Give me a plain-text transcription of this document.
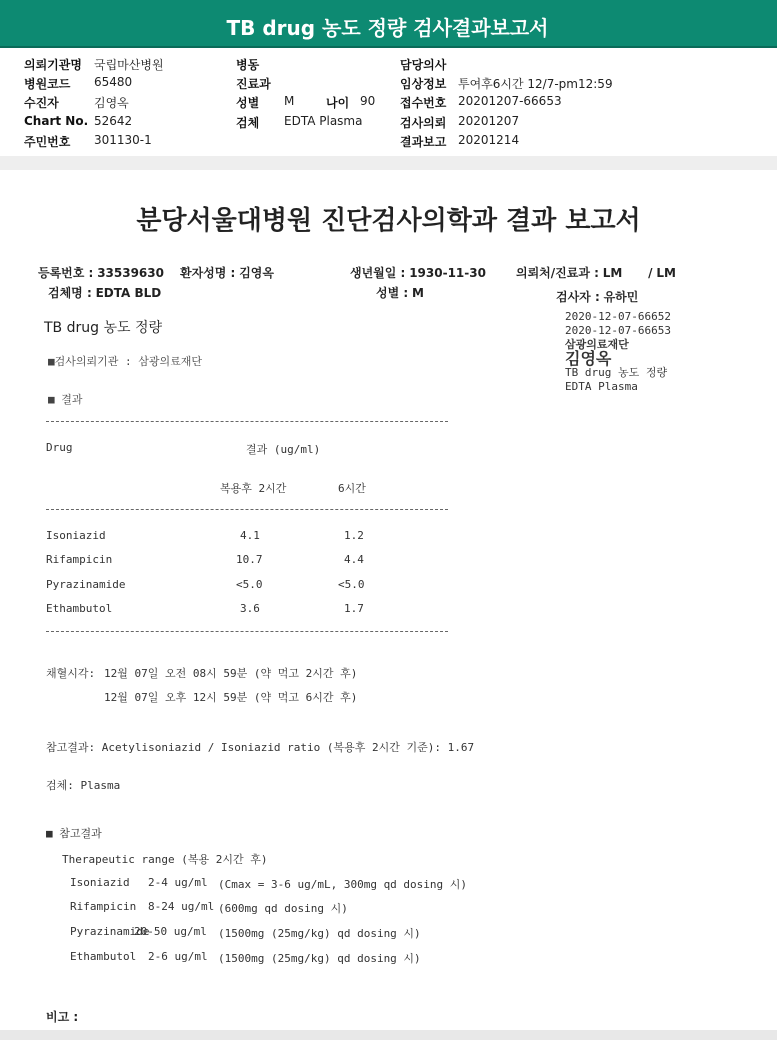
TB drug 농도 정량 검사결과보고서
의뢰기관명	국립마산병원
병원코드	65480
수진자	김영옥
Chart No. 52642
주민번호	301130-1
병동
진료과
성별	M	나이 90
검체	EDTA Plasma
담당의사
임상정보 투여후6시간 12/7-pm12:59
접수번호 20201207-66653
검사의뢰 20201207
결과보고 20201214
분당서울대병원 진단검사의학과 결과 보고서
등록번호 : 33539630 환자성명 : 김영옥	생년월일 : 1930-11-30	의뢰처/진료과 : LM / LM
검체명 : EDTA BLD	성별 : M	검사자 : 유하민
TB drug 농도 정량
2020-12-07-66652
2020-12-07-66653
삼광의료재단
김영옥
TB drug 농도 정량
EDTA Plasma
■검사의뢰기관 : 삼광의료재단
■ 결과
Drug	결과 (ug/ml)
복용후 2시간	6시간
Isoniazid	4.1	1.2
Rifampicin	10.7	4.4
Pyrazinamide	<5.0	<5.0
Ethambutol	3.6	1.7
채혈시각: 12월 07일 오전 08시 59분 (약 먹고 2시간 후)
12월 07일 오후 12시 59분 (약 먹고 6시간 후)
참고결과: Acetylisoniazid / Isoniazid ratio (복용후 2시간 기준): 1.67
검체: Plasma
■ 참고결과
Therapeutic range (복용 2시간 후)
Isoniazid 2-4 ug/ml (Cmax = 3-6 ug/mL, 300mg qd dosing 시)
Rifampicin 8-24 ug/ml (600mg qd dosing 시)
Pyrazinamide
20-50 ug/ml (1500mg (25mg/kg) qd dosing 시)
Ethambutol 2-6 ug/ml (1500mg (25mg/kg) qd dosing 시)
비고 :
